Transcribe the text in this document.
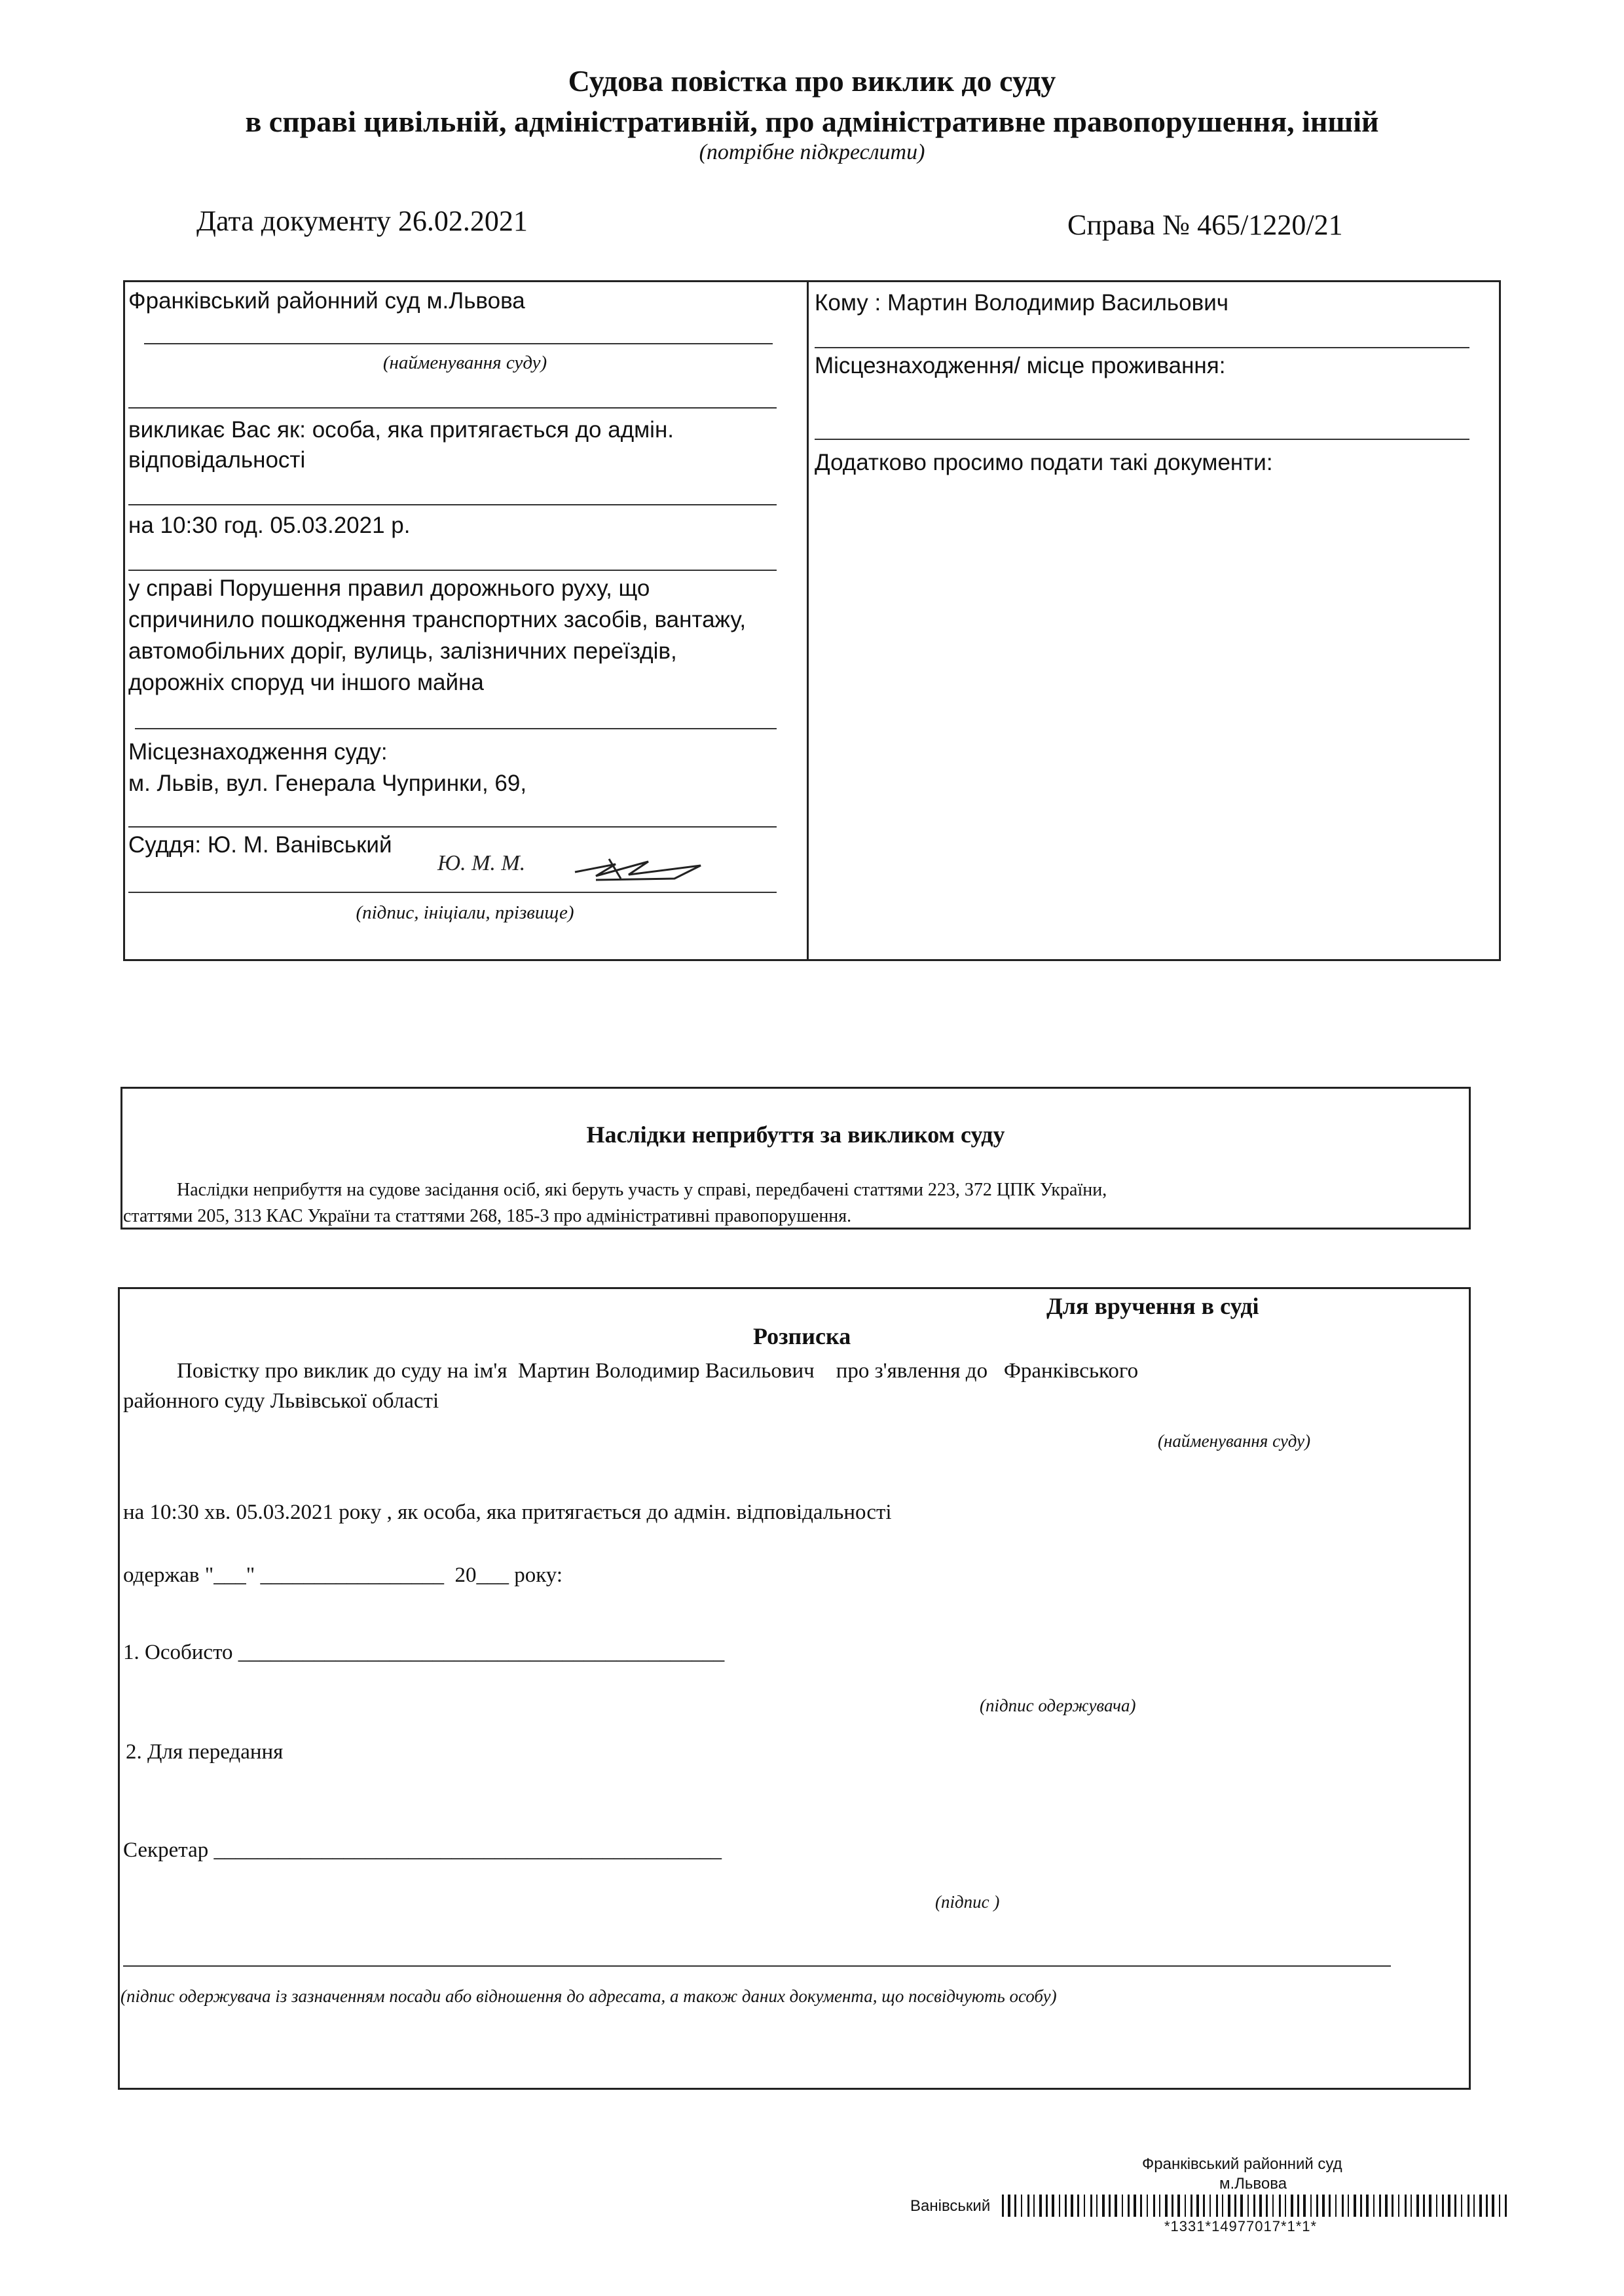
Судова повістка про виклик до суду
в справі цивільній, адміністративній, про адміністративне правопорушення, іншій
(потрібне підкреслити)
Дата документу 26.02.2021	Справа № 465/1220/21
Франківський районний суд м.Львова
(найменування суду)
викликає Вас як: особа, яка притягається до адмін.
відповідальності
на 10:30 год. 05.03.2021 р.
у справі Порушення правил дорожнього руху, що
спричинило пошкодження транспортних засобів, вантажу,
автомобільних доріг, вулиць, залізничних переїздів,
дорожніх споруд чи іншого майна
Місцезнаходження суду:
м. Львів, вул. Генерала Чупринки, 69,
Суддя: Ю. М. Ванівський
Ю. М. М.
(підпис, ініціали, прізвище)
Кому : Мартин Володимир Васильович
Місцезнаходження/ місце проживання:
Додатково просимо подати такі документи:
Наслідки неприбуття за викликом суду
Наслідки неприбуття на судове засідання осіб, які беруть участь у справі, передбачені статтями 223, 372 ЦПК України,
статтями 205, 313 КАС України та статтями 268, 185-3 про адміністративні правопорушення.
Для вручення в суді
Розписка
Повістку про виклик до суду на ім'я  Мартин Володимир Васильович    про з'явлення до   Франківського
районного суду Львівської області
(найменування суду)
на 10:30 хв. 05.03.2021 року , як особа, яка притягається до адмін. відповідальності
одержав "___" _________________  20___ року:
1. Особисто _____________________________________________
(підпис одержувача)
2. Для передання
Секретар _______________________________________________
(підпис )
(підпис одержувача із зазначенням посади або відношення до адресата, а також даних документа, що посвідчують особу)
Франківський районний суд
м.Львова
Ванівський
*1331*14977017*1*1*
